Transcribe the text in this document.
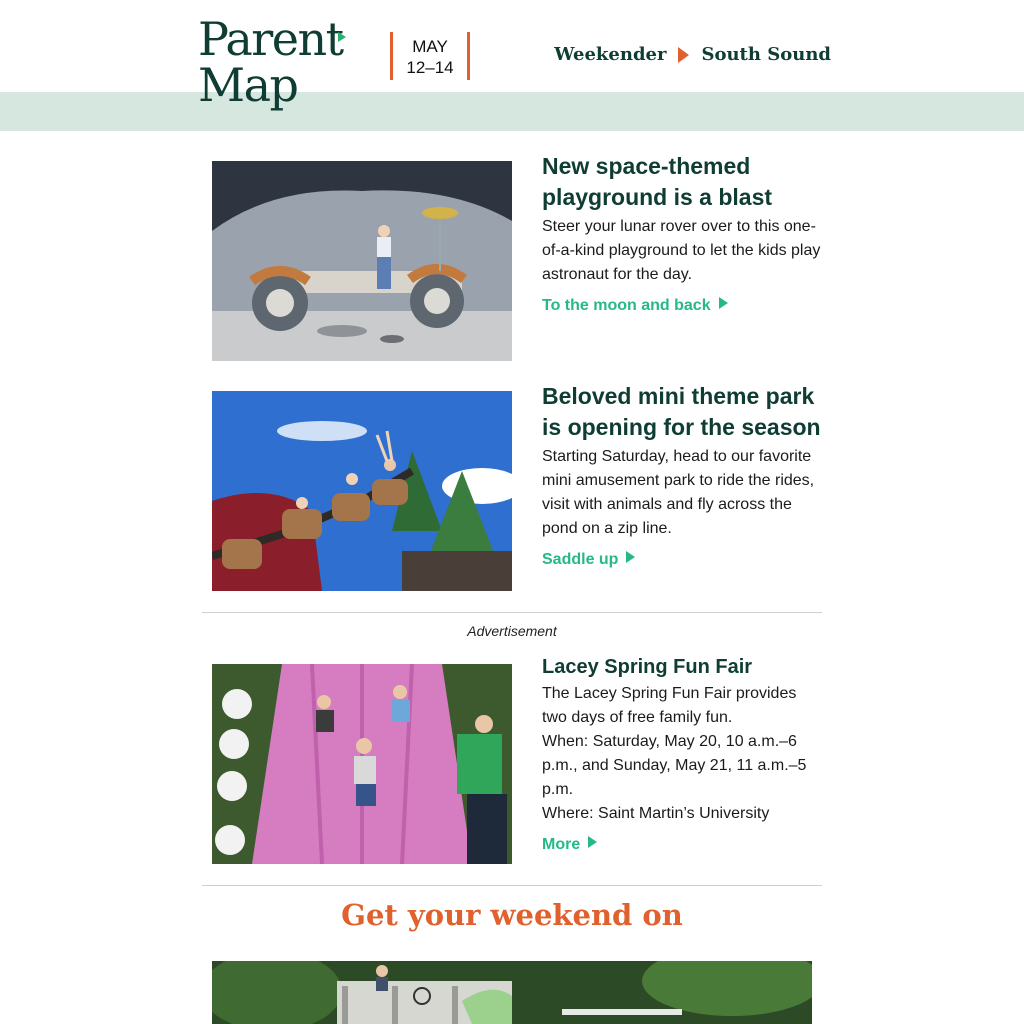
Parent
Map
MAY
12–14
Weekender South Sound
New space-themed playground is a blast

Steer your lunar rover over to this one-of-a-kind playground to let the kids play astronaut for the day.

To the moon and back
Beloved mini theme park is opening for the season

Starting Saturday, head to our favorite mini amusement park to ride the rides, visit with animals and fly across the pond on a zip line.

Saddle up
Advertisement
Lacey Spring Fun Fair

The Lacey Spring Fun Fair provides two days of free family fun.

When: Saturday, May 20, 10 a.m.–6 p.m., and Sunday, May 21, 11 a.m.–5 p.m.

Where: Saint Martin’s University

More
Get your weekend on
